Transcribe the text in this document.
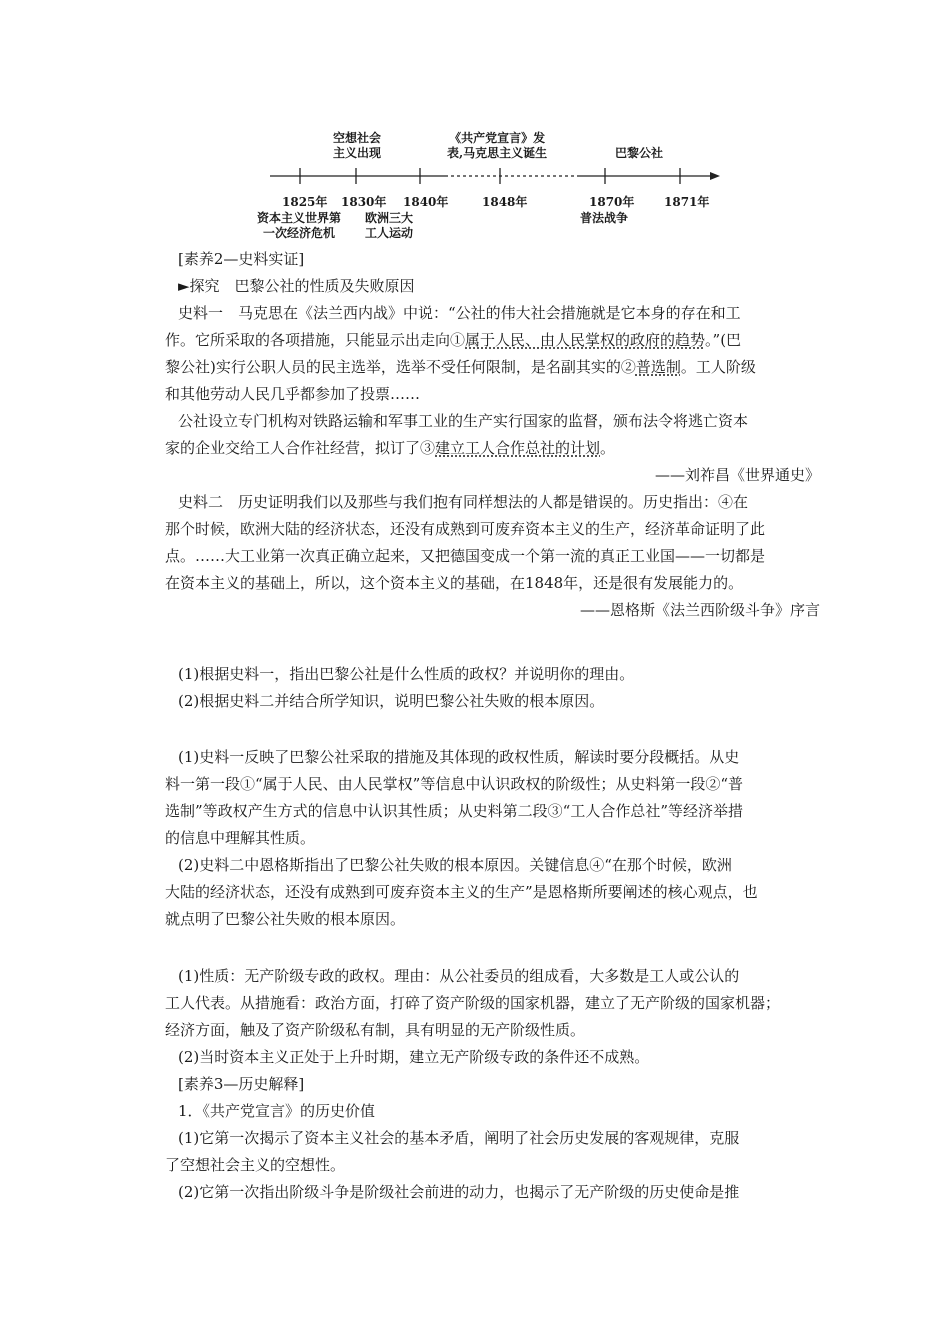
空想社会
主义出现
《共产党宣言》发
表,马克思主义诞生	巴黎公社
1825年 1830年 1840年	1848年	1870年 1871年
资本主义世界第
一次经济危机
欧洲三大
工人运动
普法战争
[素养2—史料实证]
►探究　巴黎公社的性质及失败原因
史料一　马克思在《法兰西内战》中说：“公社的伟大社会措施就是它本身的存在和工
作。它所采取的各项措施，只能显示出走向①属于人民、由人民掌权的政府的趋势。”(巴
黎公社)实行公职人员的民主选举，选举不受任何限制，是名副其实的②普选制。工人阶级
和其他劳动人民几乎都参加了投票……
公社设立专门机构对铁路运输和军事工业的生产实行国家的监督，颁布法令将逃亡资本
家的企业交给工人合作社经营，拟订了③建立工人合作总社的计划。
——刘祚昌《世界通史》
史料二　历史证明我们以及那些与我们抱有同样想法的人都是错误的。历史指出：④在
那个时候，欧洲大陆的经济状态，还没有成熟到可废弃资本主义的生产，经济革命证明了此
点。……大工业第一次真正确立起来，又把德国变成一个第一流的真正工业国——一切都是
在资本主义的基础上，所以，这个资本主义的基础，在1848年，还是很有发展能力的。
——恩格斯《法兰西阶级斗争》序言
(1)根据史料一，指出巴黎公社是什么性质的政权？并说明你的理由。
(2)根据史料二并结合所学知识，说明巴黎公社失败的根本原因。
(1)史料一反映了巴黎公社采取的措施及其体现的政权性质，解读时要分段概括。从史
料一第一段①“属于人民、由人民掌权”等信息中认识政权的阶级性；从史料第一段②“普
选制”等政权产生方式的信息中认识其性质；从史料第二段③“工人合作总社”等经济举措
的信息中理解其性质。
(2)史料二中恩格斯指出了巴黎公社失败的根本原因。关键信息④“在那个时候，欧洲
大陆的经济状态，还没有成熟到可废弃资本主义的生产”是恩格斯所要阐述的核心观点，也
就点明了巴黎公社失败的根本原因。
(1)性质：无产阶级专政的政权。理由：从公社委员的组成看，大多数是工人或公认的
工人代表。从措施看：政治方面，打碎了资产阶级的国家机器，建立了无产阶级的国家机器；
经济方面，触及了资产阶级私有制，具有明显的无产阶级性质。
(2)当时资本主义正处于上升时期，建立无产阶级专政的条件还不成熟。
[素养3—历史解释]
1．《共产党宣言》的历史价值
(1)它第一次揭示了资本主义社会的基本矛盾，阐明了社会历史发展的客观规律，克服
了空想社会主义的空想性。
(2)它第一次指出阶级斗争是阶级社会前进的动力，也揭示了无产阶级的历史使命是推
